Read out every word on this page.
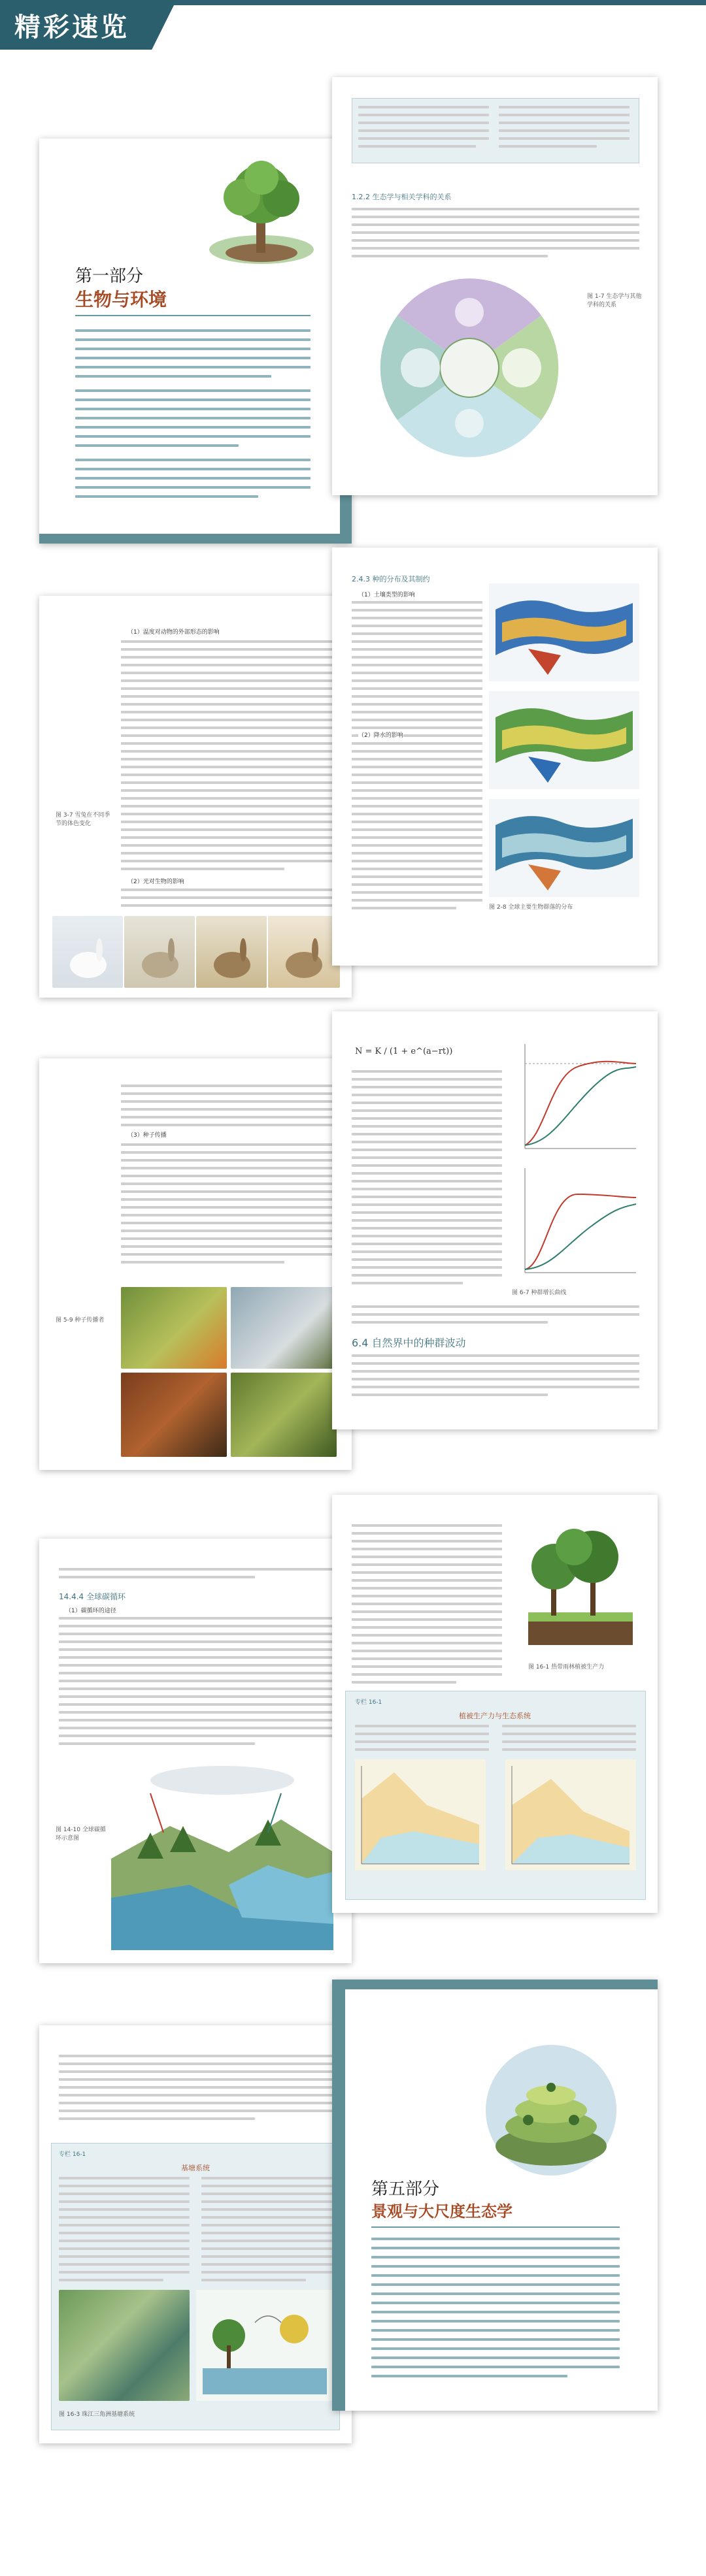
精彩速览
第一部分
生物与环境
1.2.2 生态学与相关学科的关系
图 1-7 生态学与其他学科的关系
（1）温度对动物的外部形态的影响
（2）光对生物的影响
图 3-7 雪兔在不同季节的体色变化
2.4.3 种的分布及其制约
（1）土壤类型的影响
（2）降水的影响
图 2-8 全球主要生物群落的分布
（3）种子传播
图 5-9 种子传播者
N = K / (1 + e^(a−rt))
图 6-7 种群增长曲线
6.4 自然界中的种群波动
14.4.4 全球碳循环
（1）碳循环的途径
图 14-10 全球碳循环示意图
图 16-1 热带雨林植被生产力
专栏 16-1
植被生产力与生态系统
专栏 16-1
基塘系统
图 16-3 珠江三角洲基塘系统
第五部分
景观与大尺度生态学
